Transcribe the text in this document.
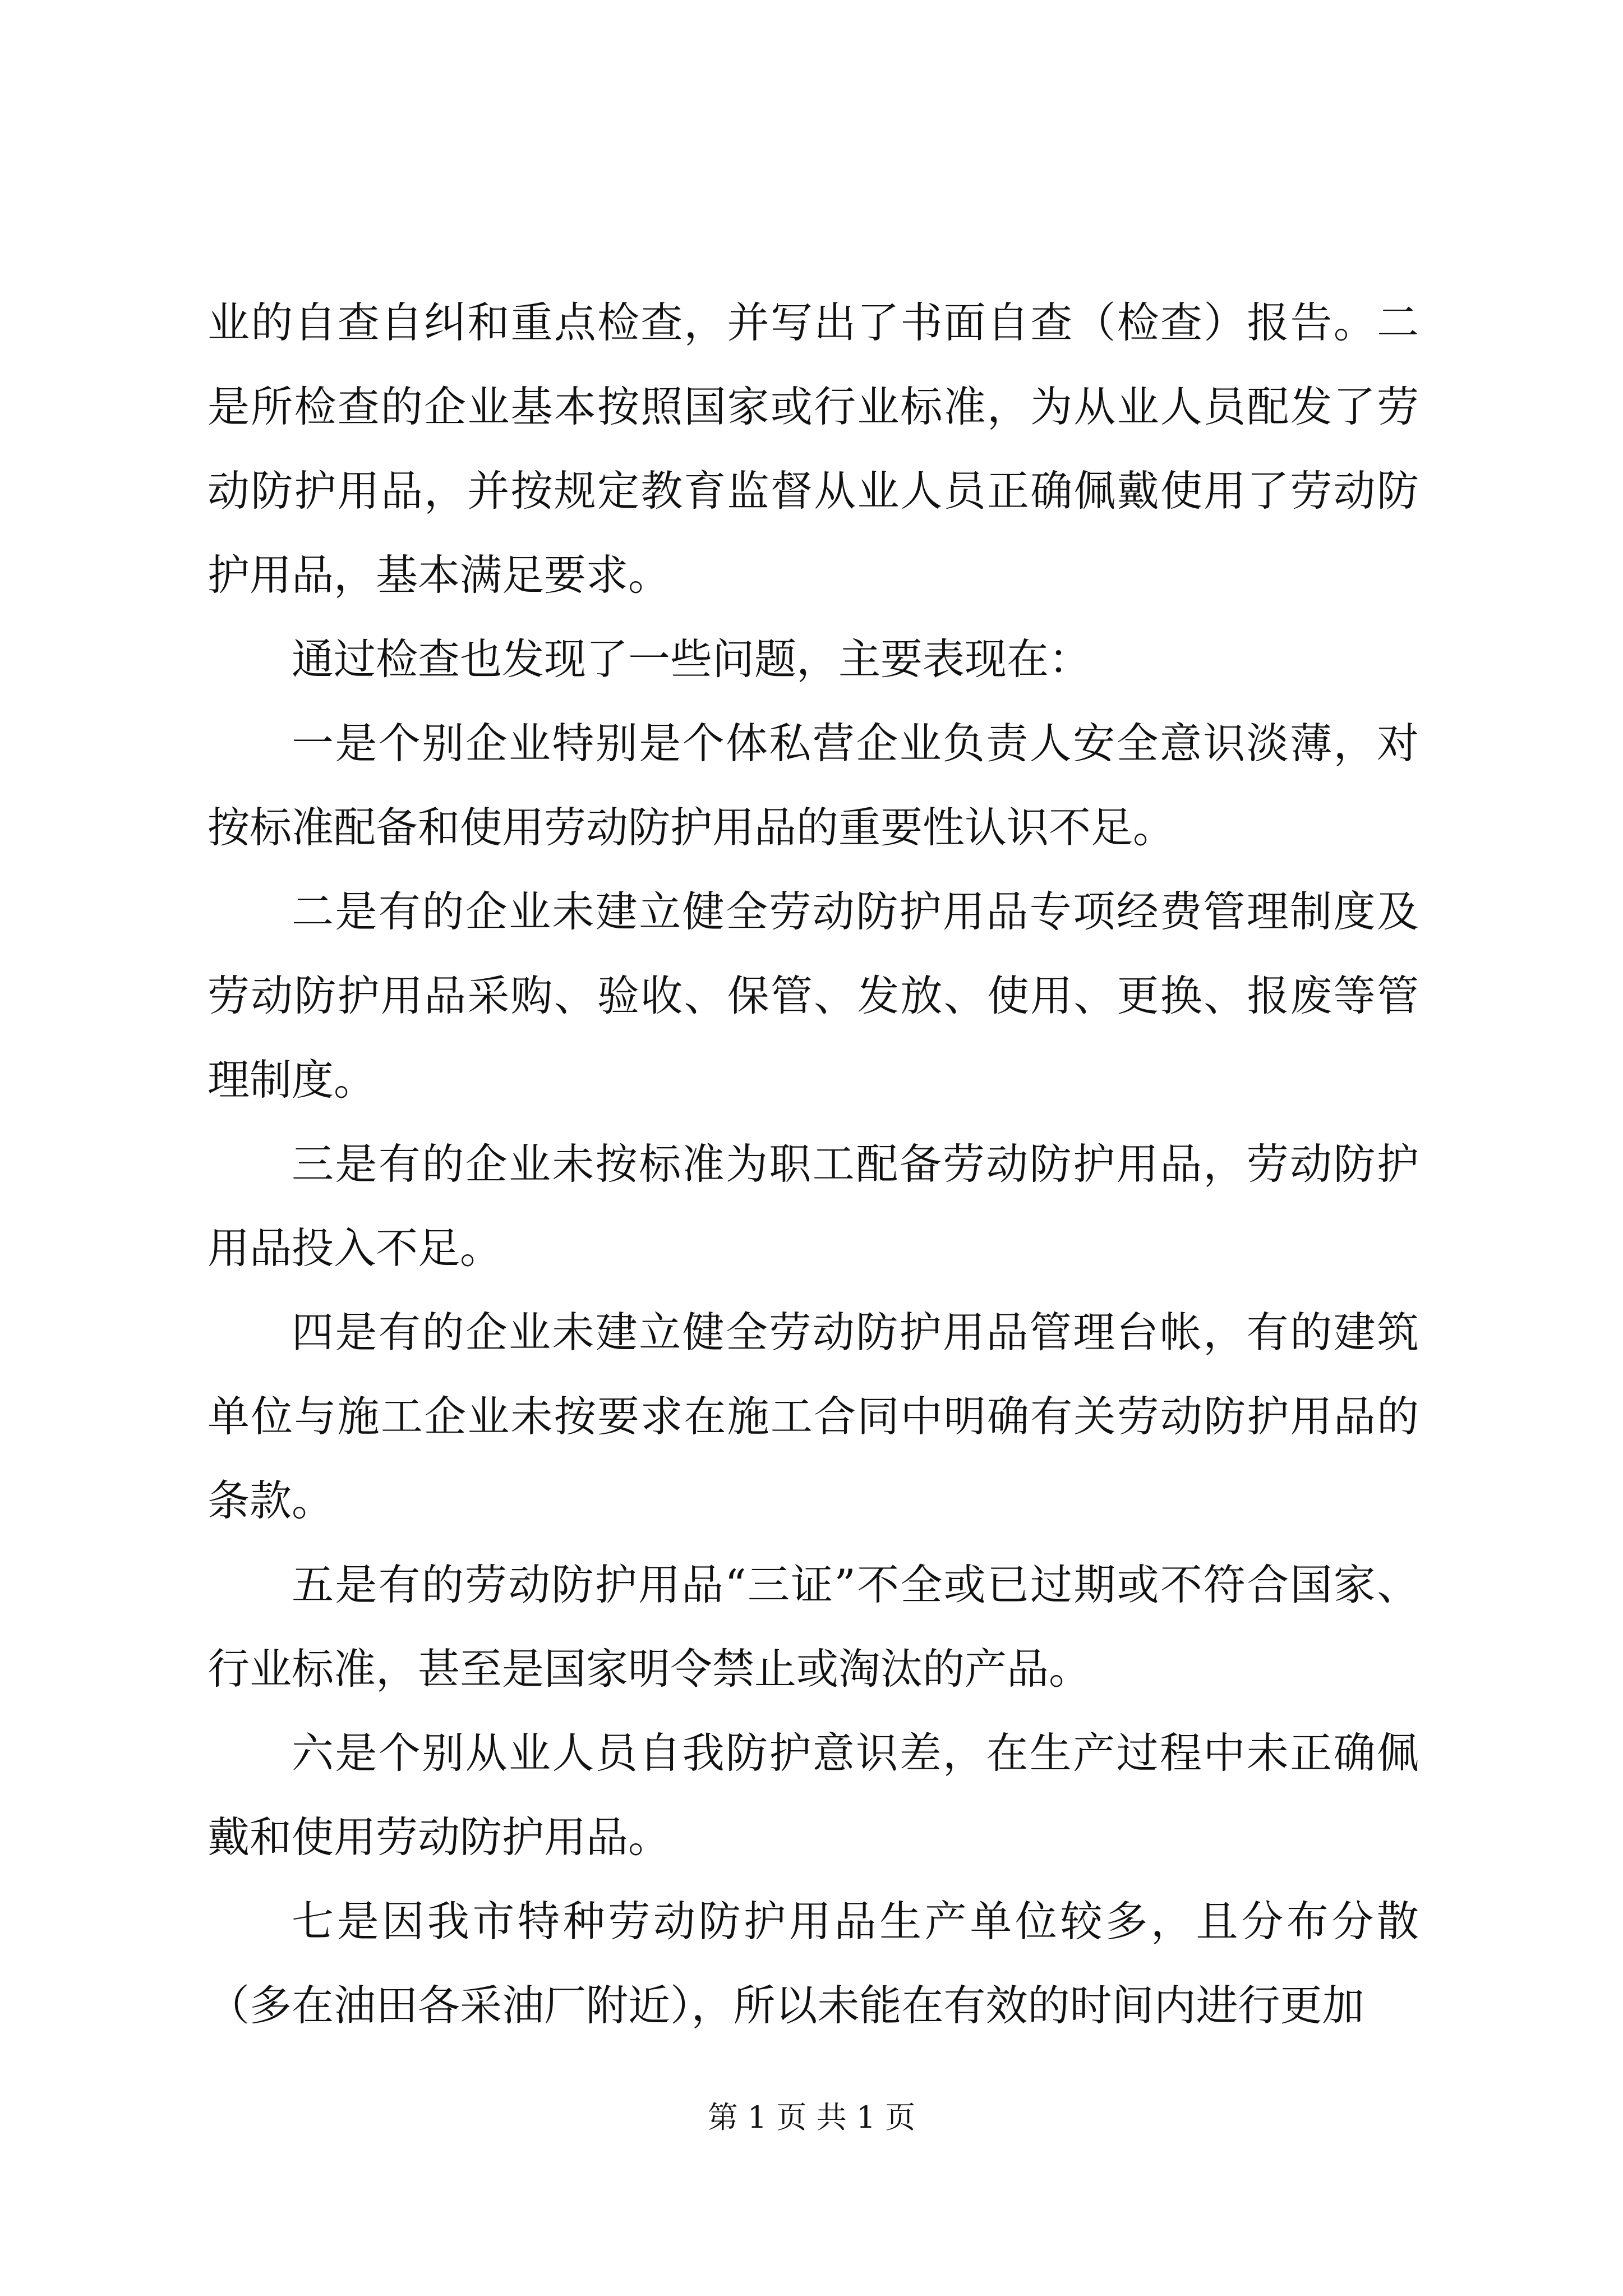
业的自查自纠和重点检查，并写出了书面自查（检查）报告。二是所检查的企业基本按照国家或行业标准，为从业人员配发了劳动防护用品，并按规定教育监督从业人员正确佩戴使用了劳动防护用品，基本满足要求。

通过检查也发现了一些问题，主要表现在：

一是个别企业特别是个体私营企业负责人安全意识淡薄，对按标准配备和使用劳动防护用品的重要性认识不足。

二是有的企业未建立健全劳动防护用品专项经费管理制度及劳动防护用品采购、验收、保管、发放、使用、更换、报废等管理制度。

三是有的企业未按标准为职工配备劳动防护用品，劳动防护用品投入不足。

四是有的企业未建立健全劳动防护用品管理台帐，有的建筑单位与施工企业未按要求在施工合同中明确有关劳动防护用品的条款。

五是有的劳动防护用品“三证”不全或已过期或不符合国家、行业标准，甚至是国家明令禁止或淘汰的产品。

六是个别从业人员自我防护意识差，在生产过程中未正确佩戴和使用劳动防护用品。

七是因我市特种劳动防护用品生产单位较多，且分布分散（多在油田各采油厂附近），所以未能在有效的时间内进行更加

第 1 页 共 1 页
